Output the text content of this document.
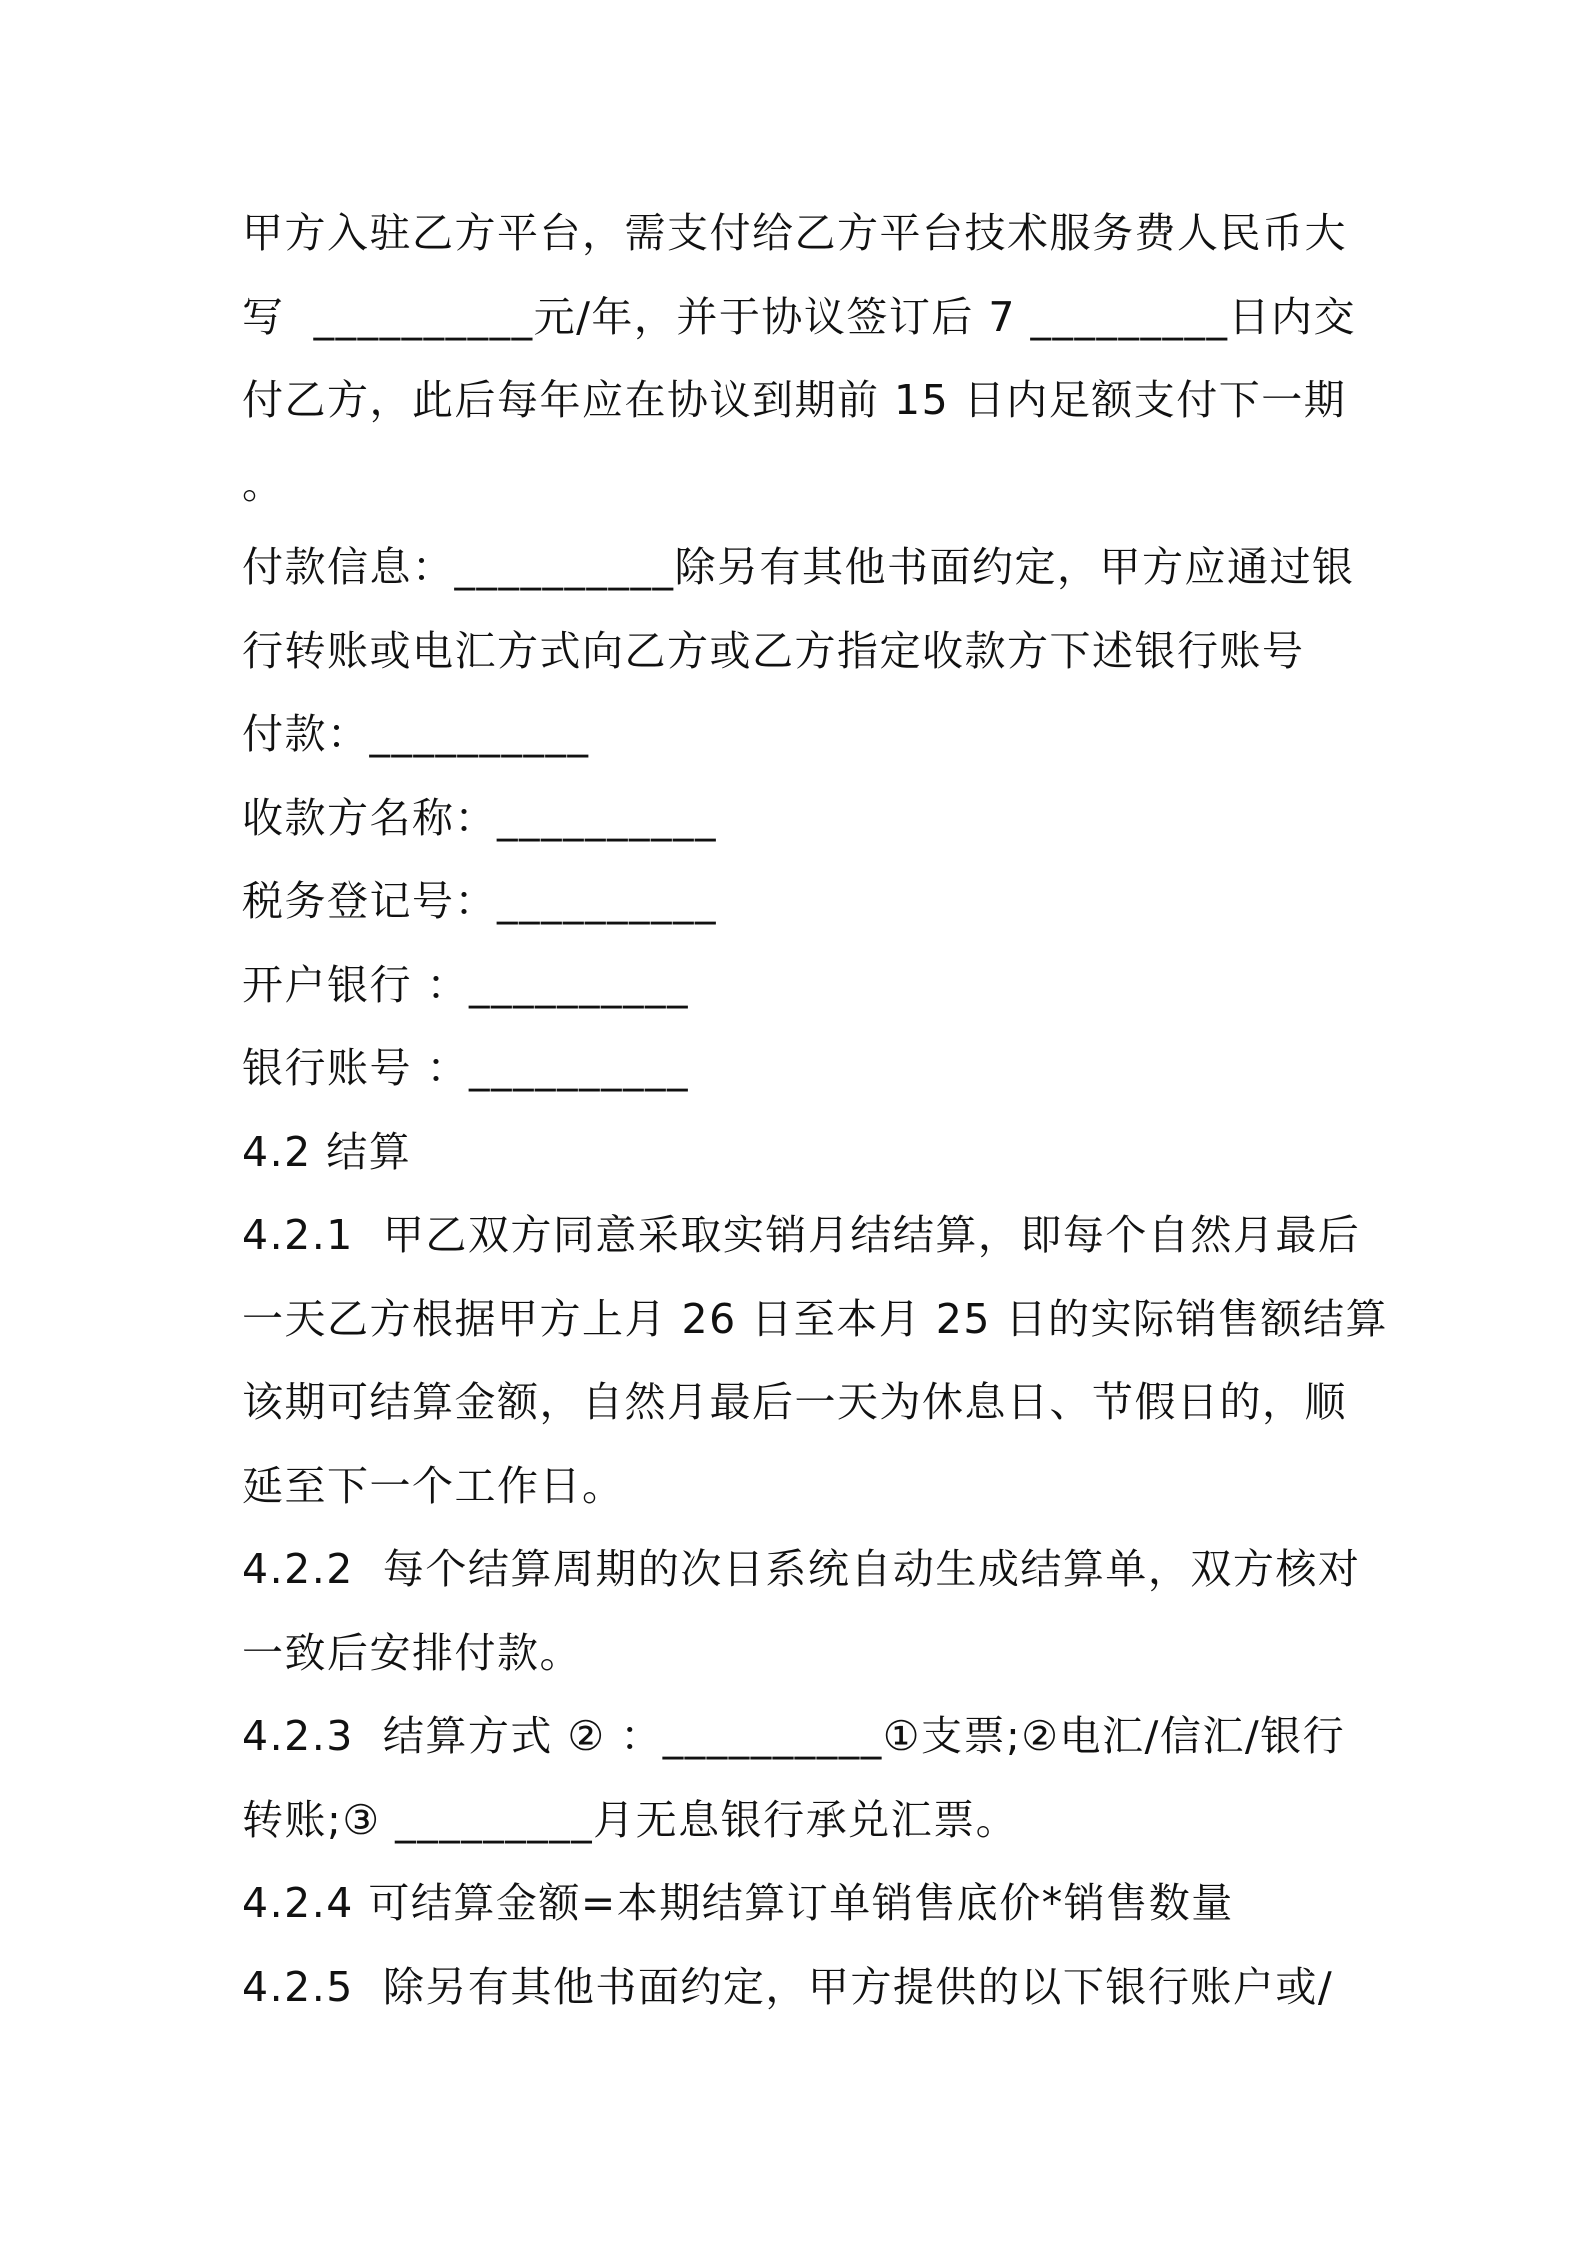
甲方入驻乙方平台，需支付给乙方平台技术服务费人民币大
写  __________元/年，并于协议签订后 7 _________日内交
付乙方，此后每年应在协议到期前 15 日内足额支付下一期
。
付款信息：__________除另有其他书面约定，甲方应通过银
行转账或电汇方式向乙方或乙方指定收款方下述银行账号
付款：__________
收款方名称：__________
税务登记号：__________
开户银行 ：__________
银行账号 ：__________
4.2 结算
4.2.1  甲乙双方同意采取实销月结结算，即每个自然月最后
一天乙方根据甲方上月 26 日至本月 25 日的实际销售额结算
该期可结算金额，自然月最后一天为休息日、节假日的，顺
延至下一个工作日。
4.2.2  每个结算周期的次日系统自动生成结算单，双方核对
一致后安排付款。
4.2.3  结算方式 ② ：__________①支票;②电汇/信汇/银行
转账;③ _________月无息银行承兑汇票。
4.2.4 可结算金额=本期结算订单销售底价*销售数量
4.2.5  除另有其他书面约定，甲方提供的以下银行账户或/
